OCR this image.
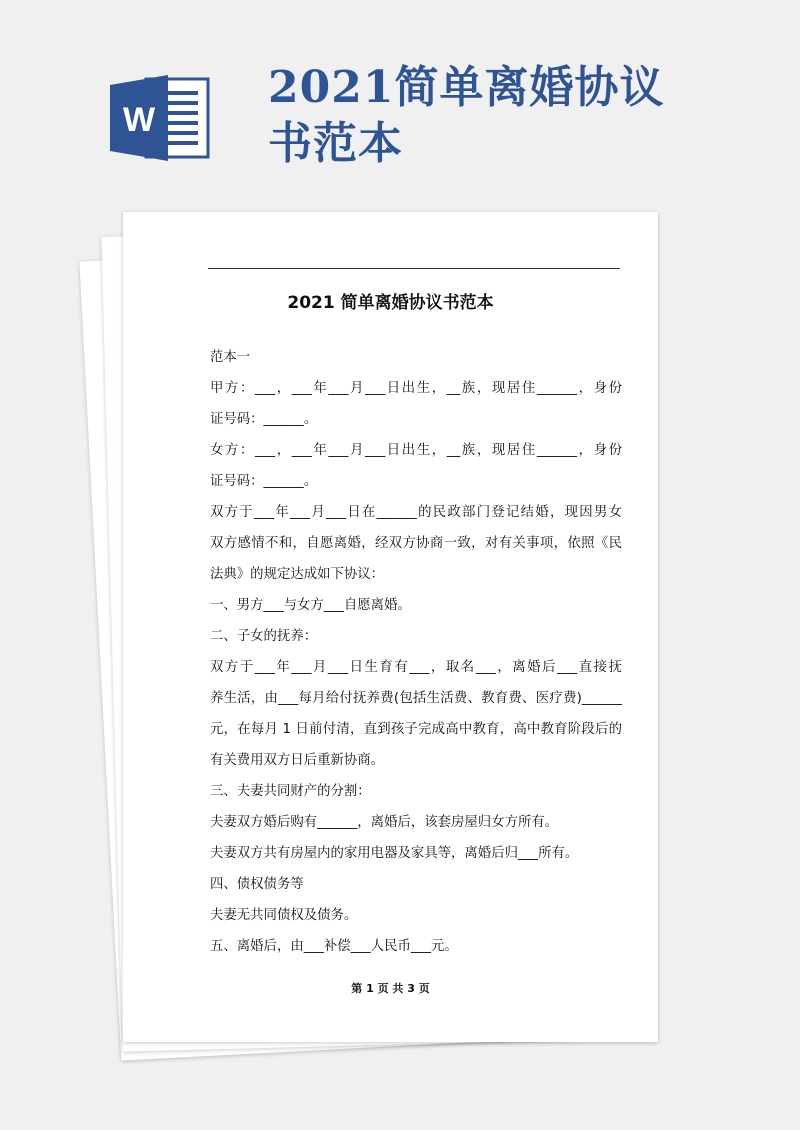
W
2021简单离婚协议
书范本
2021 简单离婚协议书范本
范本一
甲方：___，___年___月___日出生，__族，现居住______，身份
证号码：______。
女方：___，___年___月___日出生，__族，现居住______，身份
证号码：______。
双方于___年___月___日在______的民政部门登记结婚，现因男女
双方感情不和，自愿离婚，经双方协商一致，对有关事项，依照《民
法典》的规定达成如下协议：
一、男方___与女方___自愿离婚。
二、子女的抚养：
双方于___年___月___日生育有___，取名___，离婚后___直接抚
养生活，由___每月给付抚养费(包括生活费、教育费、医疗费)______
元，在每月 1 日前付清，直到孩子完成高中教育，高中教育阶段后的
有关费用双方日后重新协商。
三、夫妻共同财产的分割：
夫妻双方婚后购有______，离婚后，该套房屋归女方所有。
夫妻双方共有房屋内的家用电器及家具等，离婚后归___所有。
四、债权债务等
夫妻无共同债权及债务。
五、离婚后，由___补偿___人民币___元。
第 1 页 共 3 页
